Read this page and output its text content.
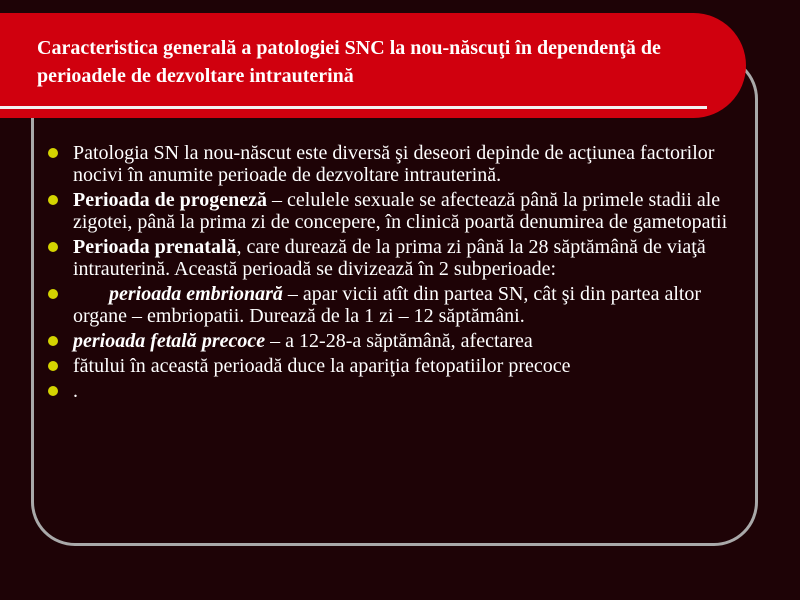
Caracteristica generală a patologiei SNC la nou-născuţi în dependenţă de perioadele de dezvoltare intrauterină
Patologia SN la nou-născut este diversă şi deseori depinde de acţiunea factorilor nocivi în anumite perioade de dezvoltare intrauterină.
Perioada de progeneză – celulele sexuale se afectează până la primele stadii ale zigotei, până la prima zi de concepere, în clinică poartă denumirea de gametopatii
Perioada prenatală, care durează de la prima zi până la 28 săptămână de viaţă intrauterină. Această perioadă se divizează în 2 subperioade:
perioada embrionară – apar vicii atît din partea SN, cât şi din partea altor organe – embriopatii. Durează de la 1 zi – 12 săptămâni.
perioada fetală precoce – a 12-28-a săptămână, afectarea
fătului în această perioadă duce la apariţia fetopatiilor precoce
.
